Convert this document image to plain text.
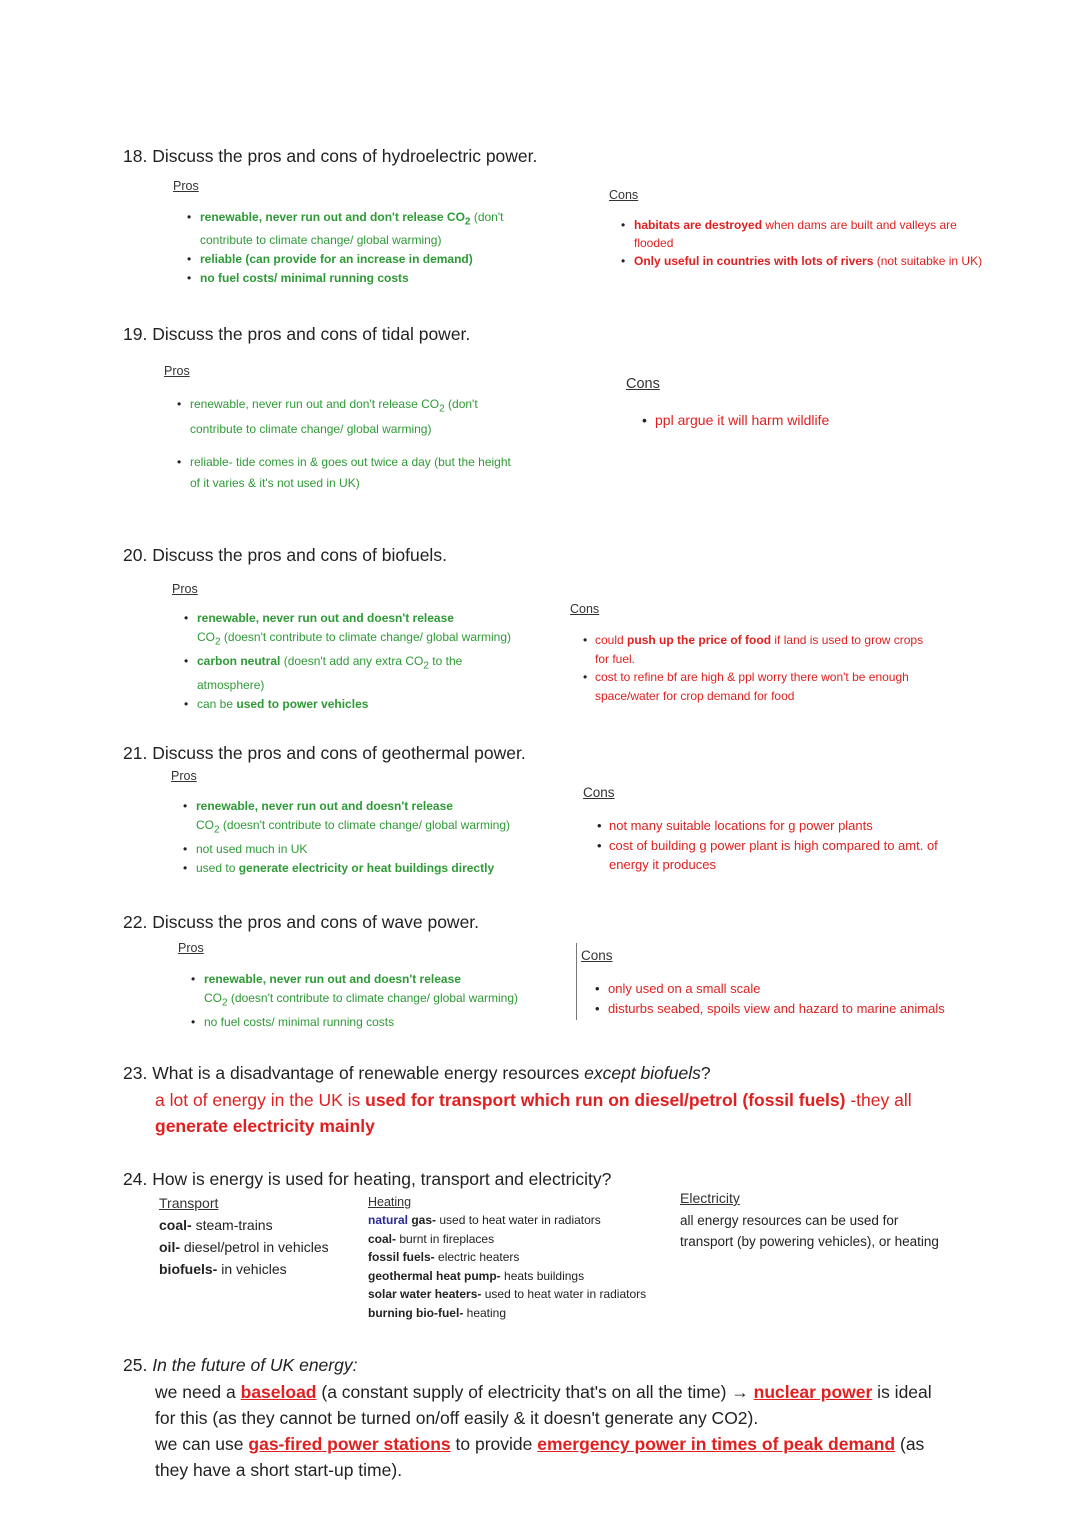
18. Discuss the pros and cons of hydroelectric power.
Pros
• renewable, never run out and don't release $CO_2$ (don't
contribute to climate change/ global warming)
• reliable (can provide for an increase in demand)
• no fuel costs/ minimal running costs
Cons
• habitats are destroyed when dams are built and valleys are
flooded
• Only useful in countries with lots of rivers (not suitabke in UK)
19. Discuss the pros and cons of tidal power.
Pros
• renewable, never run out and don't release $CO_2$ (don't
contribute to climate change/ global warming)
• reliable- tide comes in & goes out twice a day (but the height
of it varies & it's not used in UK)
Cons
• ppl argue it will harm wildlife
20. Discuss the pros and cons of biofuels.
Pros
• renewable, never run out and doesn't release
$CO_2$ (doesn't contribute to climate change/ global warming)
• carbon neutral (doesn't add any extra $CO_2$ to the
atmosphere)
• can be used to power vehicles
Cons
• could push up the price of food if land is used to grow crops
for fuel.
• cost to refine bf are high & ppl worry there won't be enough
space/water for crop demand for food
21. Discuss the pros and cons of geothermal power.
Pros
• renewable, never run out and doesn't release
$CO_2$ (doesn't contribute to climate change/ global warming)
• not used much in UK
• used to generate electricity or heat buildings directly
Cons
• not many suitable locations for g power plants
• cost of building g power plant is high compared to amt. of
energy it produces
22. Discuss the pros and cons of wave power.
Pros
• renewable, never run out and doesn't release
$CO_2$ (doesn't contribute to climate change/ global warming)
• no fuel costs/ minimal running costs
Cons
• only used on a small scale
• disturbs seabed, spoils view and hazard to marine animals
23. What is a disadvantage of renewable energy resources except biofuels?
a lot of energy in the UK is used for transport which run on diesel/petrol (fossil fuels) -they all
generate electricity mainly
24. How is energy is used for heating, transport and electricity?
Transport
coal- steam-trains
oil- diesel/petrol in vehicles
biofuels- in vehicles
Heating
natural gas- used to heat water in radiators
coal- burnt in fireplaces
fossil fuels- electric heaters
geothermal heat pump- heats buildings
solar water heaters- used to heat water in radiators
burning bio-fuel- heating
Electricity
all energy resources can be used for
transport (by powering vehicles), or heating
25. In the future of UK energy:
we need a baseload (a constant supply of electricity that's on all the time) → nuclear power is ideal
for this (as they cannot be turned on/off easily & it doesn't generate any CO2).
we can use gas-fired power stations to provide emergency power in times of peak demand (as
they have a short start-up time).
